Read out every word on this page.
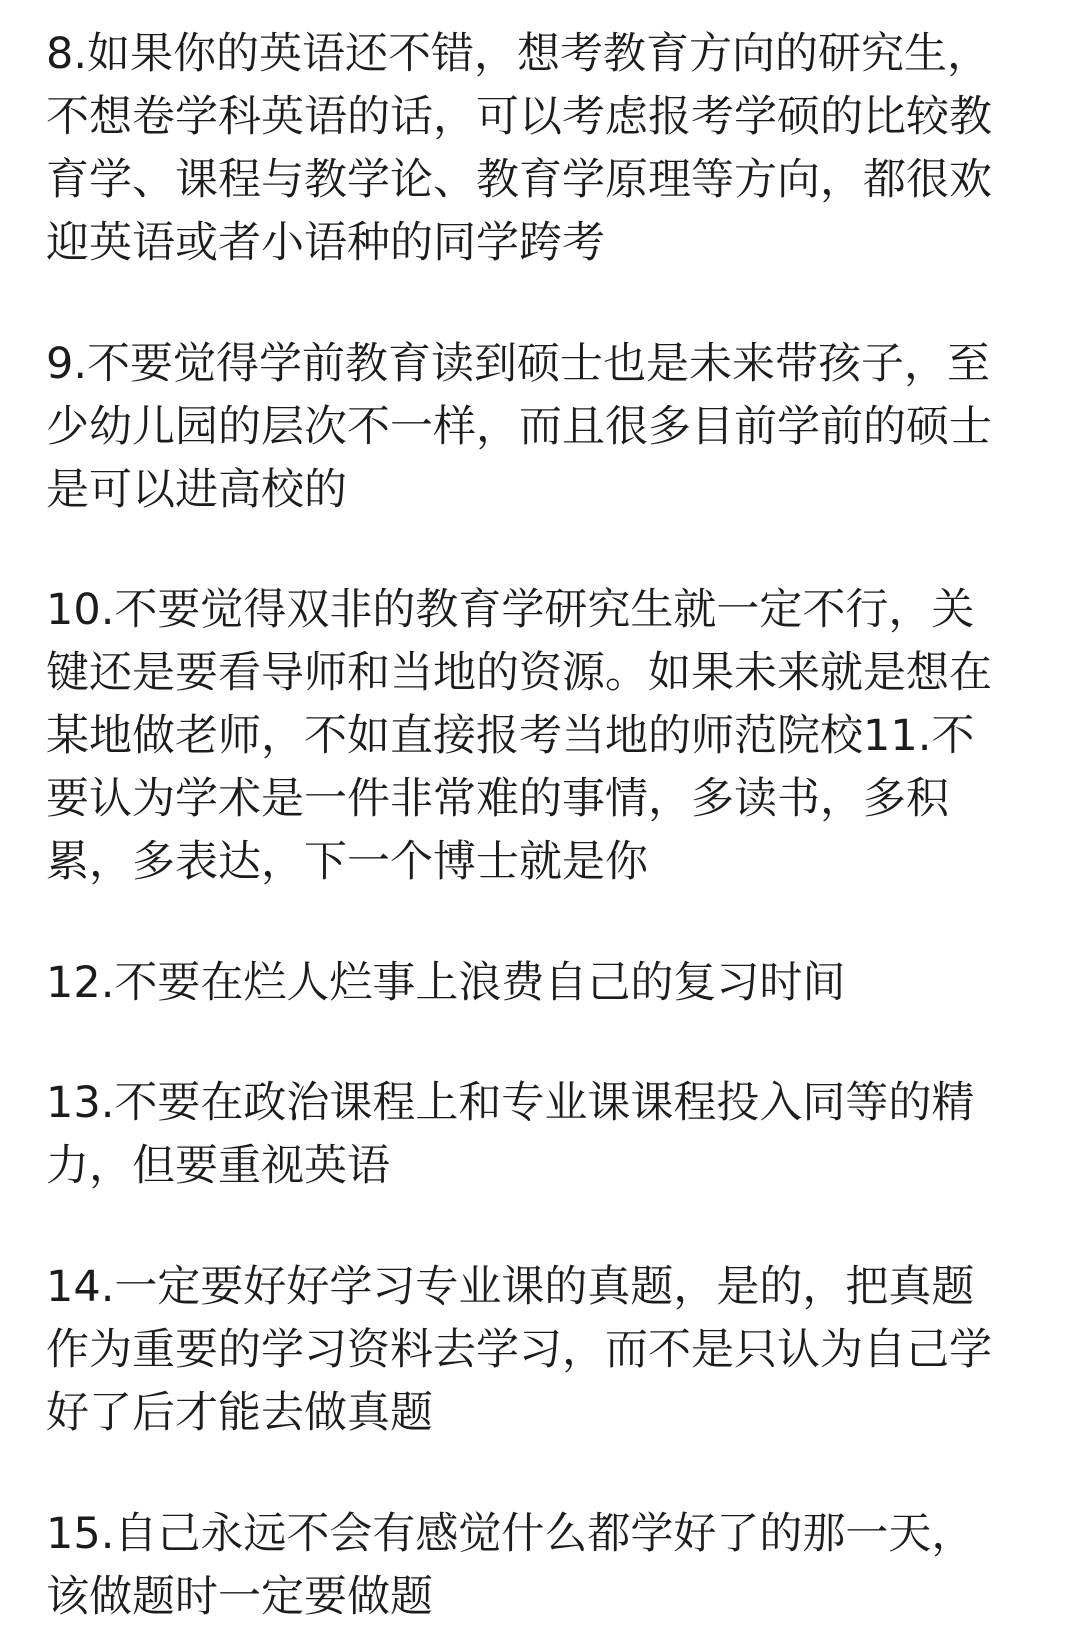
8.如果你的英语还不错，想考教育方向的研究生，
不想卷学科英语的话，可以考虑报考学硕的比较教
育学、课程与教学论、教育学原理等方向，都很欢
迎英语或者小语种的同学跨考
9.不要觉得学前教育读到硕士也是未来带孩子，至
少幼儿园的层次不一样，而且很多目前学前的硕士
是可以进高校的
10.不要觉得双非的教育学研究生就一定不行，关
键还是要看导师和当地的资源。如果未来就是想在
某地做老师，不如直接报考当地的师范院校11.不
要认为学术是一件非常难的事情，多读书，多积
累，多表达，下一个博士就是你
12.不要在烂人烂事上浪费自己的复习时间
13.不要在政治课程上和专业课课程投入同等的精
力，但要重视英语
14.一定要好好学习专业课的真题，是的，把真题
作为重要的学习资料去学习，而不是只认为自己学
好了后才能去做真题
15.自己永远不会有感觉什么都学好了的那一天，
该做题时一定要做题
